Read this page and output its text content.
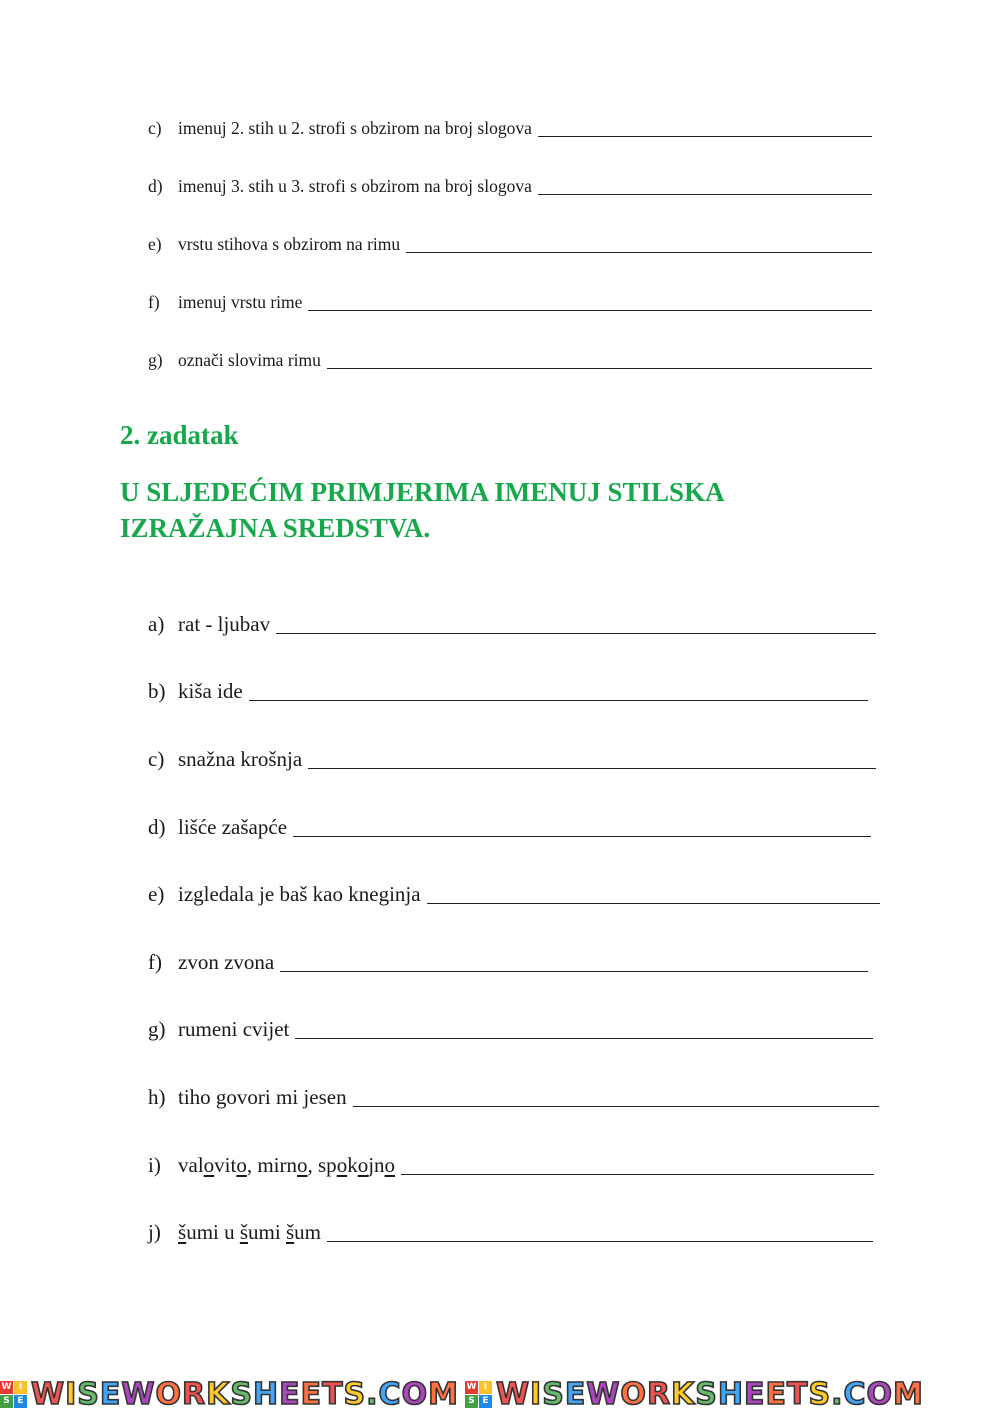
c) imenuj 2. stih u 2. strofi s obzirom na broj slogova
d) imenuj 3. stih u 3. strofi s obzirom na broj slogova
e) vrstu stihova s obzirom na rimu
f)	imenuj vrstu rime
g) označi slovima rimu
2. zadatak
U SLJEDEĆIM PRIMJERIMA IMENUJ STILSKA IZRAŽAJNA SREDSTVA.
a) rat - ljubav
b) kiša ide
c) snažna krošnja
d) lišće zašapće
e) izgledala je baš kao kneginja
f) zvon zvona
g) rumeni cvijet
h) tiho govori mi jesen
i) valovito, mirno, spokojno
j) šumi u šumi šum
W I
S E WISEWORKSHEETS.COM W I
S E WISEWORKSHEETS.COM
